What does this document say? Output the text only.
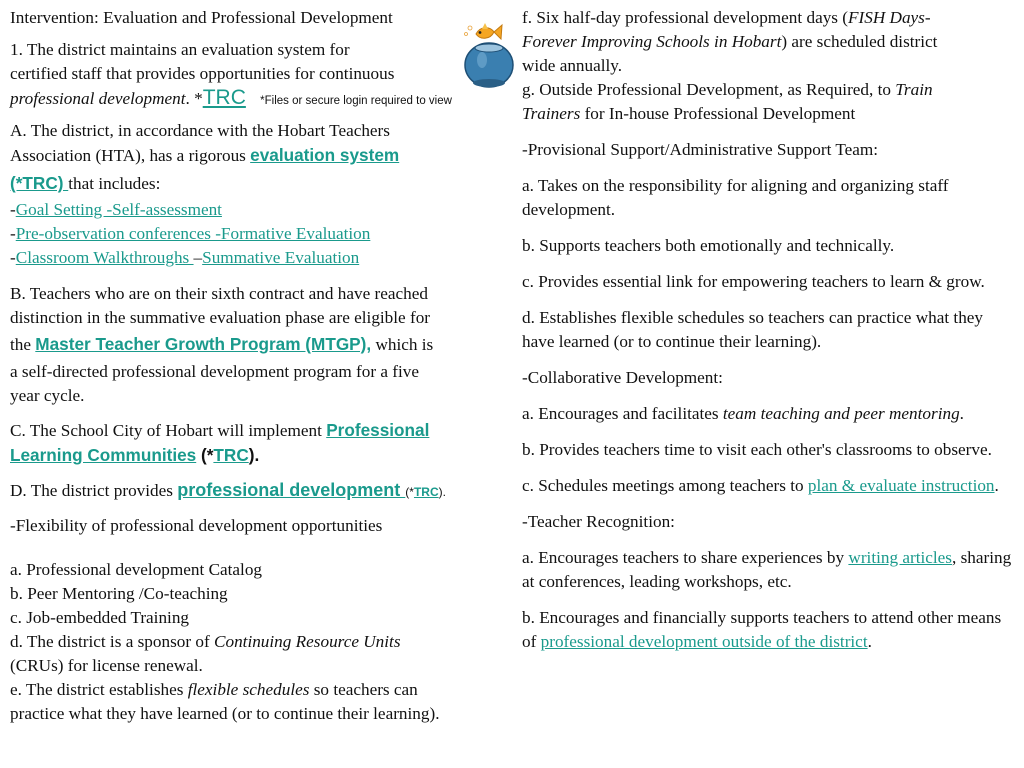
Intervention: Evaluation and Professional Development

1. The district maintains an evaluation system for
certified staff that provides opportunities for continuous
professional development. *TRC *Files or secure login required to view

A. The district, in accordance with the Hobart Teachers
Association (HTA), has a rigorous evaluation system
(*TRC) that includes:
-Goal Setting -Self-assessment
-Pre-observation conferences -Formative Evaluation
-Classroom Walkthroughs –Summative Evaluation

B. Teachers who are on their sixth contract and have reached
distinction in the summative evaluation phase are eligible for
the Master Teacher Growth Program (MTGP), which is
a self-directed professional development program for a five
year cycle.

C. The School City of Hobart will implement Professional
Learning Communities (*TRC).

D. The district provides professional development (*TRC).

-Flexibility of professional development opportunities

a. Professional development Catalog
b. Peer Mentoring /Co-teaching
c. Job-embedded Training
d. The district is a sponsor of Continuing Resource Units
(CRUs) for license renewal.
e. The district establishes flexible schedules so teachers can
practice what they have learned (or to continue their learning).

f. Six half-day professional development days (FISH Days-
Forever Improving Schools in Hobart) are scheduled district
wide annually.

g. Outside Professional Development, as Required, to Train
Trainers for In-house Professional Development

-Provisional Support/Administrative Support Team:

a. Takes on the responsibility for aligning and organizing staff development.

b. Supports teachers both emotionally and technically.

c. Provides essential link for empowering teachers to learn & grow.

d. Establishes flexible schedules so teachers can practice what they have learned (or to continue their learning).

-Collaborative Development:

a. Encourages and facilitates team teaching and peer mentoring.

b. Provides teachers time to visit each other's classrooms to observe.

c. Schedules meetings among teachers to plan & evaluate instruction.

-Teacher Recognition:

a. Encourages teachers to share experiences by writing articles, sharing at conferences, leading workshops, etc.

b. Encourages and financially supports teachers to attend other means of professional development outside of the district.
